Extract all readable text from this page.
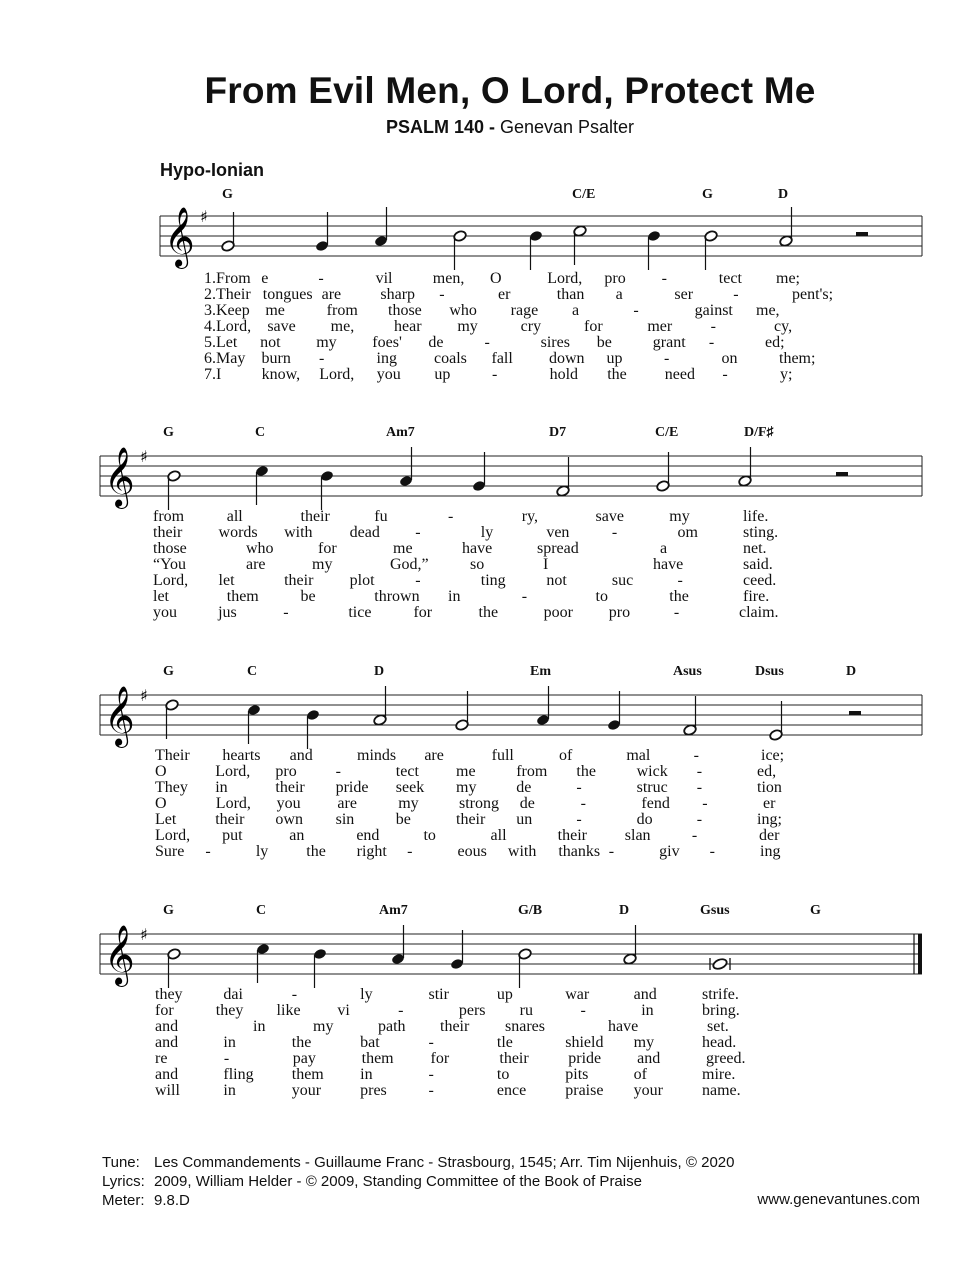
From Evil Men, O Lord, Protect Me
PSALM 140 - Genevan Psalter
Hypo-Ionian
G	C/E	G	D
𝄞 ♯
1.From e	-	vil	men, O	Lord, pro -	tect me;
2.Their tongues are sharp -	er	than a	ser	-	pent's;
3.Keep me	from those who rage a	-	gainst me,
4.Lord, save me, hear my	cry	for	mer -	cy,
5.Let not my foes' de	-	sires be	grant -	ed;
6.May burn -	ing coals fall down up	-	on	them;
7.I	know, Lord, you up	-	hold the need -	y;
G	C	Am7	D7	C/E	D/F♯
𝄞 ♯
from	all	their	fu	-	ry,	save	my	life.
their words with dead -	ly	ven	-	om	sting.
those	who	for	me	have	spread	a	net.
“You	are	my	God,”	so	I	have	said.
Lord, let	their plot	-	ting	not	suc	-	ceed.
let	them	be	thrown in	-	to	the	fire.
you	jus	-	tice	for	the	poor pro	-	claim.
G	C	D	Em	Asus	Dsus	D
𝄞 ♯
Their hearts and	minds are	full	of	mal	-	ice;
O	Lord, pro -	tect me	from the	wick -	ed,
They in	their pride seek my de	-	struc -	tion
O	Lord, you are	my	strong de	-	fend -	er
Let their own sin	be	their un	-	do	-	ing;
Lord, put	an	end	to	all	their slan	-	der
Sure -	ly the right -	eous with thanks -	giv -	ing
G	C	Am7	G/B	D	Gsus	G
𝄞 ♯
they	dai	-	ly	stir	up	war	and	strife.
for	they like vi	-	pers ru	-	in	bring.
and	in	my	path their snares	have	set.
and	in	the	bat	-	tle	shield my	head.
re	-	pay	them for	their pride and	greed.
and	fling them in	-	to	pits	of	mire.
will	in	your pres	-	ence praise your name.
Tune: Les Commandements - Guillaume Franc - Strasbourg, 1545; Arr. Tim Nijenhuis, © 2020
Lyrics: 2009, William Helder - © 2009, Standing Committee of the Book of Praise
Meter: 9.8.D	www.genevantunes.com
